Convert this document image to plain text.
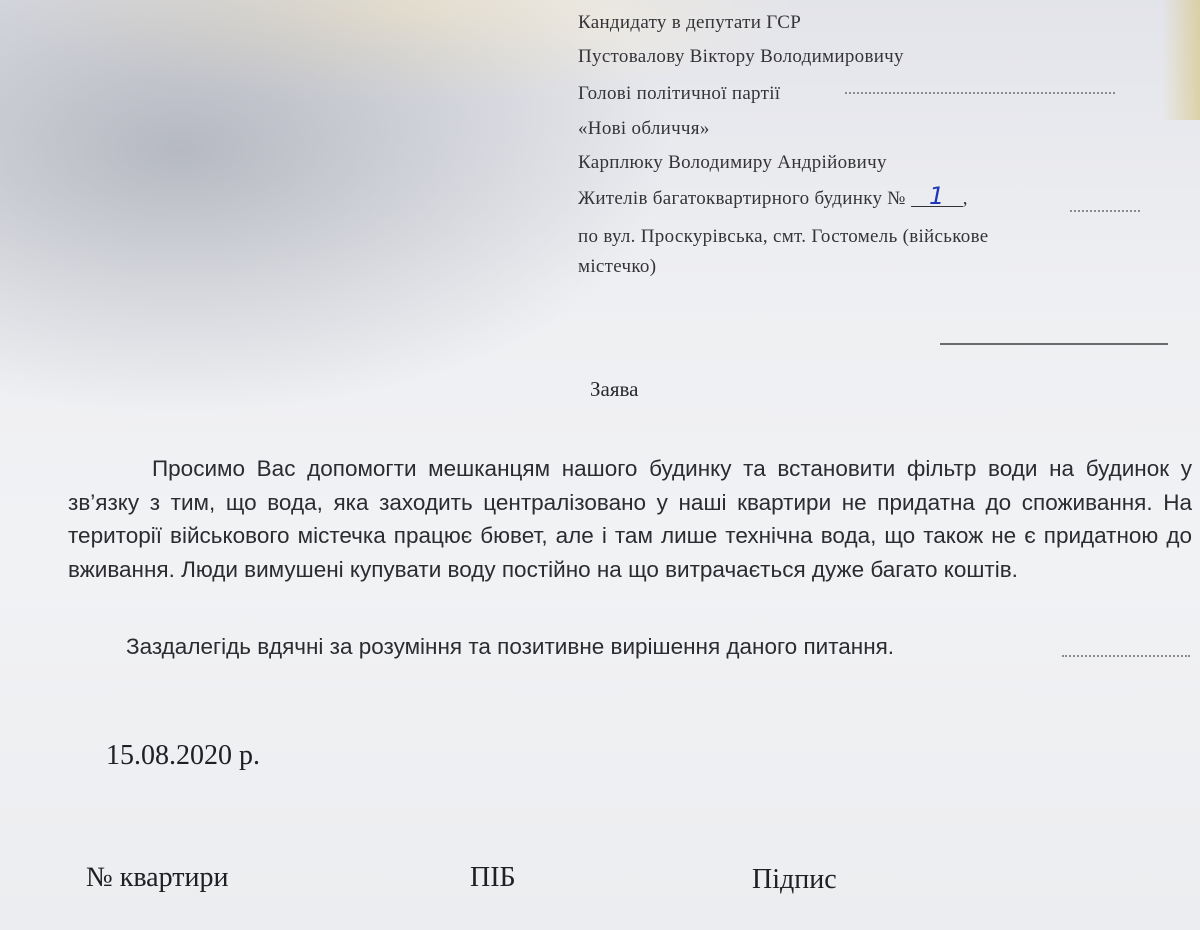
Кандидату в депутати ГСР
Пустовалову Віктору Володимировичу
Голові політичної партії
«Нові обличчя»
Карплюку Володимиру Андрійовичу
Жителів багатоквартирного будинку № 1 ,
по вул. Проскурівська, смт. Гостомель (військове
містечко)
Заява

Просимо Вас допомогти мешканцям нашого будинку та встановити фільтр води на будинок у зв’язку з тим, що вода, яка заходить централізовано у наші квартири не придатна до споживання. На території військового містечка працює бювет, але і там лише технічна вода, що також не є придатною до вживання. Люди вимушені купувати воду постійно на що витрачається дуже багато коштів.

Заздалегідь вдячні за розуміння та позитивне вирішення даного питання.
15.08.2020 р.
№ квартири	ПІБ	Підпис
